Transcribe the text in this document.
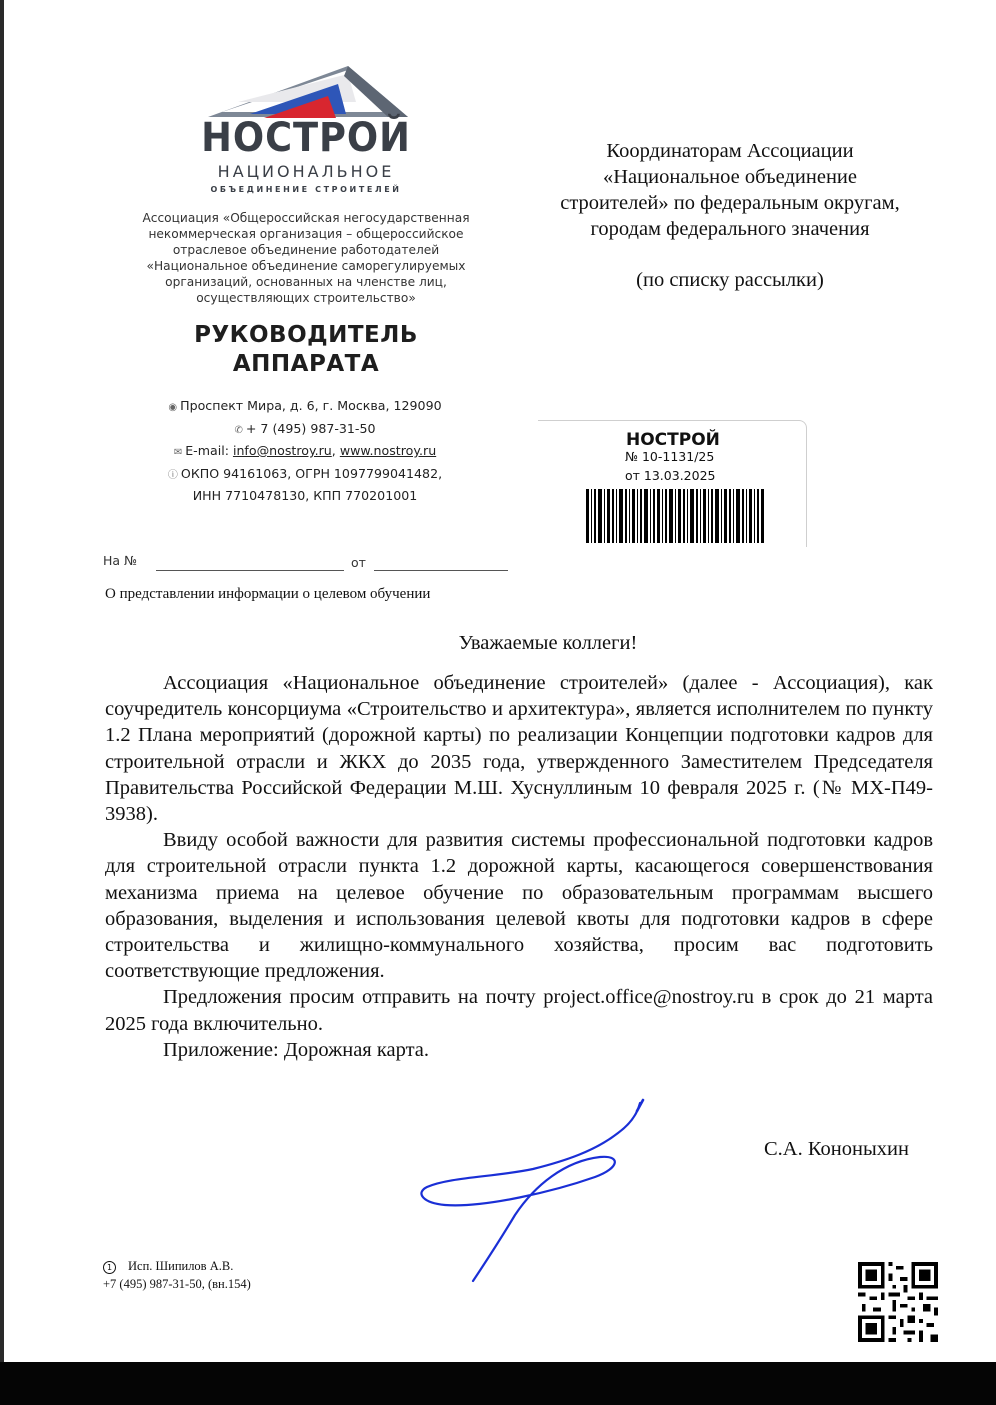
НОСТРОЙ
НАЦИОНАЛЬНОЕ
ОБЪЕДИНЕНИЕ СТРОИТЕЛЕЙ
Ассоциация «Общероссийская негосударственная
некоммерческая организация – общероссийское
отраслевое объединение работодателей
«Национальное объединение саморегулируемых
организаций, основанных на членстве лиц,
осуществляющих строительство»
РУКОВОДИТЕЛЬ
АППАРАТА
◉ Проспект Мира, д. 6, г. Москва, 129090
✆ + 7 (495) 987-31-50
✉ E-mail: info@nostroy.ru, www.nostroy.ru
ⓘ ОКПО 94161063, ОГРН 1097799041482,
ИНН 7710478130, КПП 770201001
Координаторам Ассоциации
«Национальное объединение
строителей» по федеральным округам,
городам федерального значения
(по списку рассылки)
НОСТРОЙ
№ 10-1131/25
от 13.03.2025
На №	от
О представлении информации о целевом обучении
Уважаемые коллеги!

Ассоциация «Национальное объединение строителей» (далее - Ассоциация), как соучредитель консорциума «Строительство и архитектура», является исполнителем по пункту 1.2 Плана мероприятий (дорожной карты) по реализации Концепции подготовки кадров для строительной отрасли и ЖКХ до 2035 года, утвержденного Заместителем Председателя Правительства Российской Федерации М.Ш. Хуснуллиным 10 февраля 2025 г. (№ МХ-П49-3938).

Ввиду особой важности для развития системы профессиональной подготовки кадров для строительной отрасли пункта 1.2 дорожной карты, касающегося совершенствования механизма приема на целевое обучение по образовательным программам высшего образования, выделения и использования целевой квоты для подготовки кадров в сфере строительства и жилищно-коммунального хозяйства, просим вас подготовить соответствующие предложения.

Предложения просим отправить на почту project.office@nostroy.ru в срок до 21 марта 2025 года включительно.

Приложение: Дорожная карта.

С.А. Кононыхин
1 Исп. Шипилов А.В.
+7 (495) 987-31-50, (вн.154)
